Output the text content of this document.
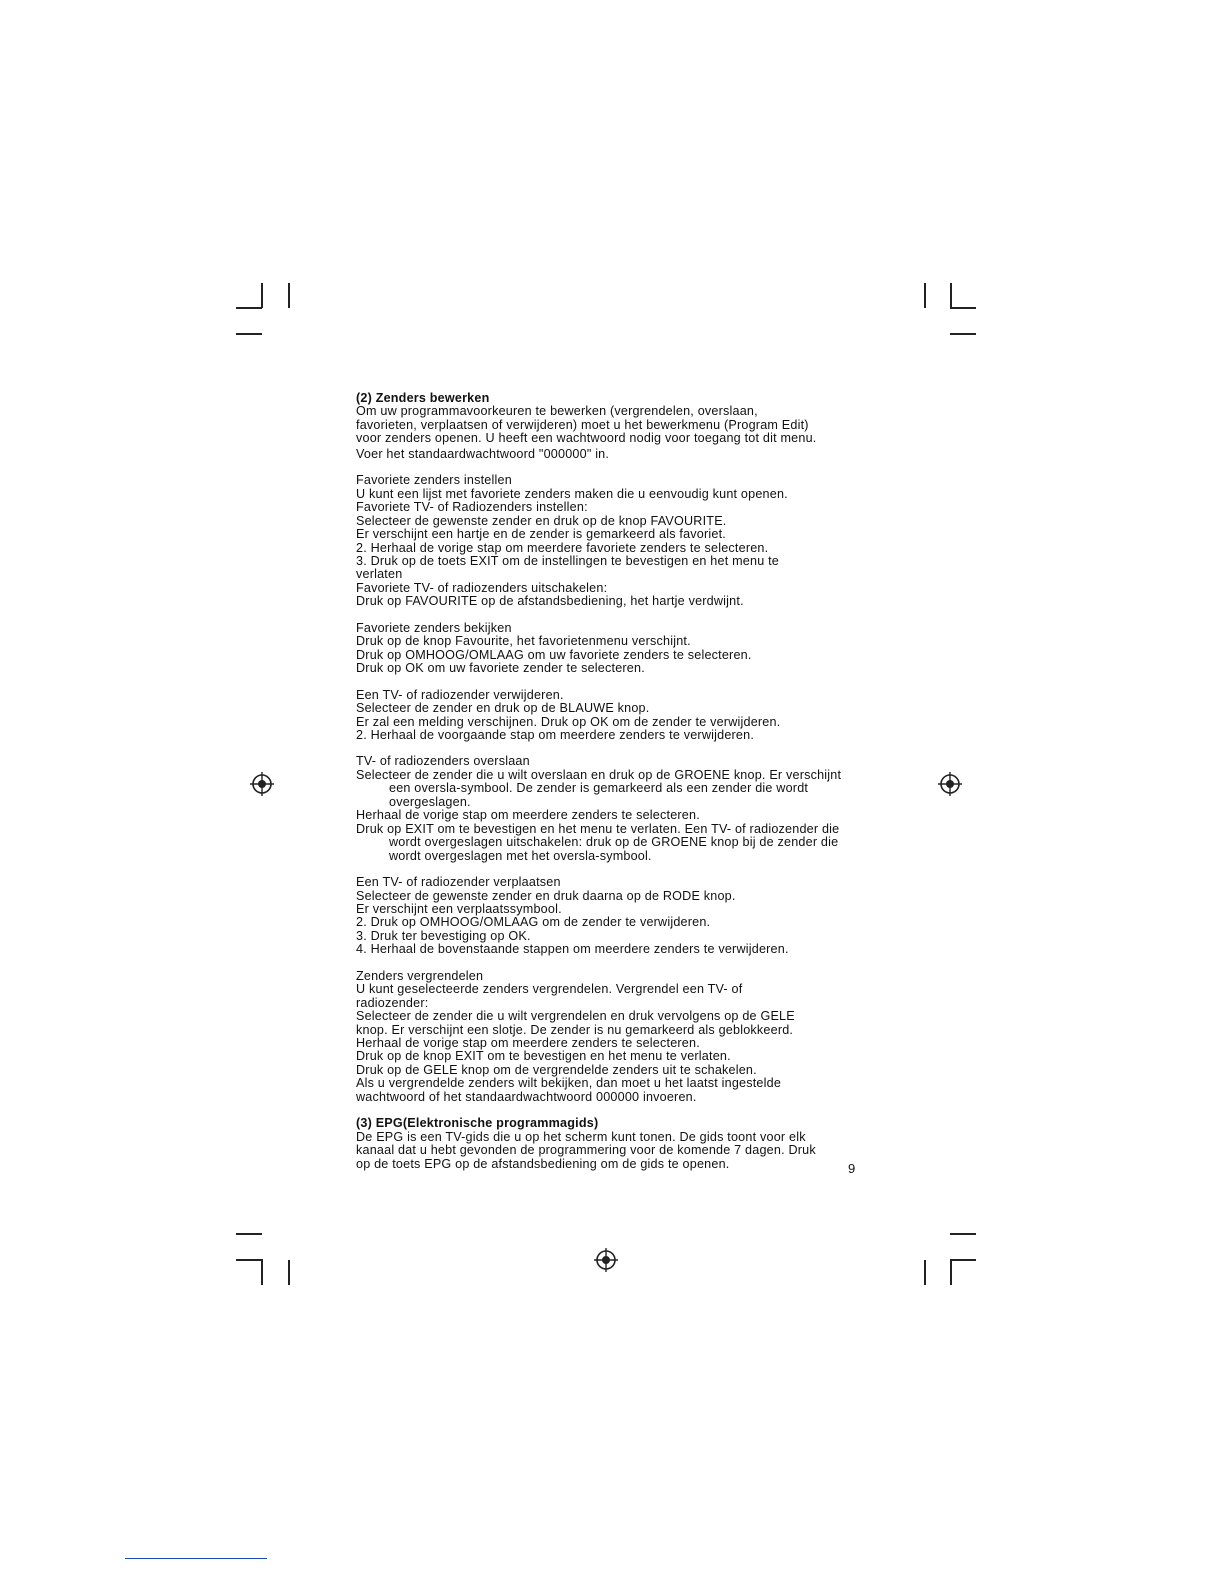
(2) Zenders bewerken

Om uw programmavoorkeuren te bewerken (vergrendelen, overslaan,

favorieten, verplaatsen of verwijderen) moet u het bewerkmenu (Program Edit)

voor zenders openen. U heeft een wachtwoord nodig voor toegang tot dit menu.

Voer het standaardwachtwoord "000000" in.

Favoriete zenders instellen

U kunt een lijst met favoriete zenders maken die u eenvoudig kunt openen.

Favoriete TV- of Radiozenders instellen:

Selecteer de gewenste zender en druk op de knop FAVOURITE.

Er verschijnt een hartje en de zender is gemarkeerd als favoriet.

2. Herhaal de vorige stap om meerdere favoriete zenders te selecteren.

3. Druk op de toets EXIT om de instellingen te bevestigen en het menu te

verlaten

Favoriete TV- of radiozenders uitschakelen:

Druk op FAVOURITE op de afstandsbediening, het hartje verdwijnt.

Favoriete zenders bekijken

Druk op de knop Favourite, het favorietenmenu verschijnt.

Druk op OMHOOG/OMLAAG om uw favoriete zenders te selecteren.

Druk op OK om uw favoriete zender te selecteren.

Een TV- of radiozender verwijderen.

Selecteer de zender en druk op de BLAUWE knop.

Er zal een melding verschijnen. Druk op OK om de zender te verwijderen.

2. Herhaal de voorgaande stap om meerdere zenders te verwijderen.

TV- of radiozenders overslaan

Selecteer de zender die u wilt overslaan en druk op de GROENE knop. Er verschijnt een oversla-symbool. De zender is gemarkeerd als een zender die wordt overgeslagen.

Herhaal de vorige stap om meerdere zenders te selecteren.

Druk op EXIT om te bevestigen en het menu te verlaten. Een TV- of radiozender die wordt overgeslagen uitschakelen: druk op de GROENE knop bij de zender die wordt overgeslagen met het oversla-symbool.

Een TV- of radiozender verplaatsen

Selecteer de gewenste zender en druk daarna op de RODE knop.

Er verschijnt een verplaatssymbool.

2. Druk op OMHOOG/OMLAAG om de zender te verwijderen.

3. Druk ter bevestiging op OK.

4. Herhaal de bovenstaande stappen om meerdere zenders te verwijderen.

Zenders vergrendelen

U kunt geselecteerde zenders vergrendelen. Vergrendel een TV- of

radiozender:

Selecteer de zender die u wilt vergrendelen en druk vervolgens op de GELE

knop. Er verschijnt een slotje. De zender is nu gemarkeerd als geblokkeerd.

Herhaal de vorige stap om meerdere zenders te selecteren.

Druk op de knop EXIT om te bevestigen en het menu te verlaten.

Druk op de GELE knop om de vergrendelde zenders uit te schakelen.

Als u vergrendelde zenders wilt bekijken, dan moet u het laatst ingestelde

wachtwoord of het standaardwachtwoord 000000 invoeren.

(3) EPG(Elektronische programmagids)

De EPG is een TV-gids die u op het scherm kunt tonen. De gids toont voor elk

kanaal dat u hebt gevonden de programmering voor de komende 7 dagen. Druk

op de toets EPG op de afstandsbediening om de gids te openen.	9
